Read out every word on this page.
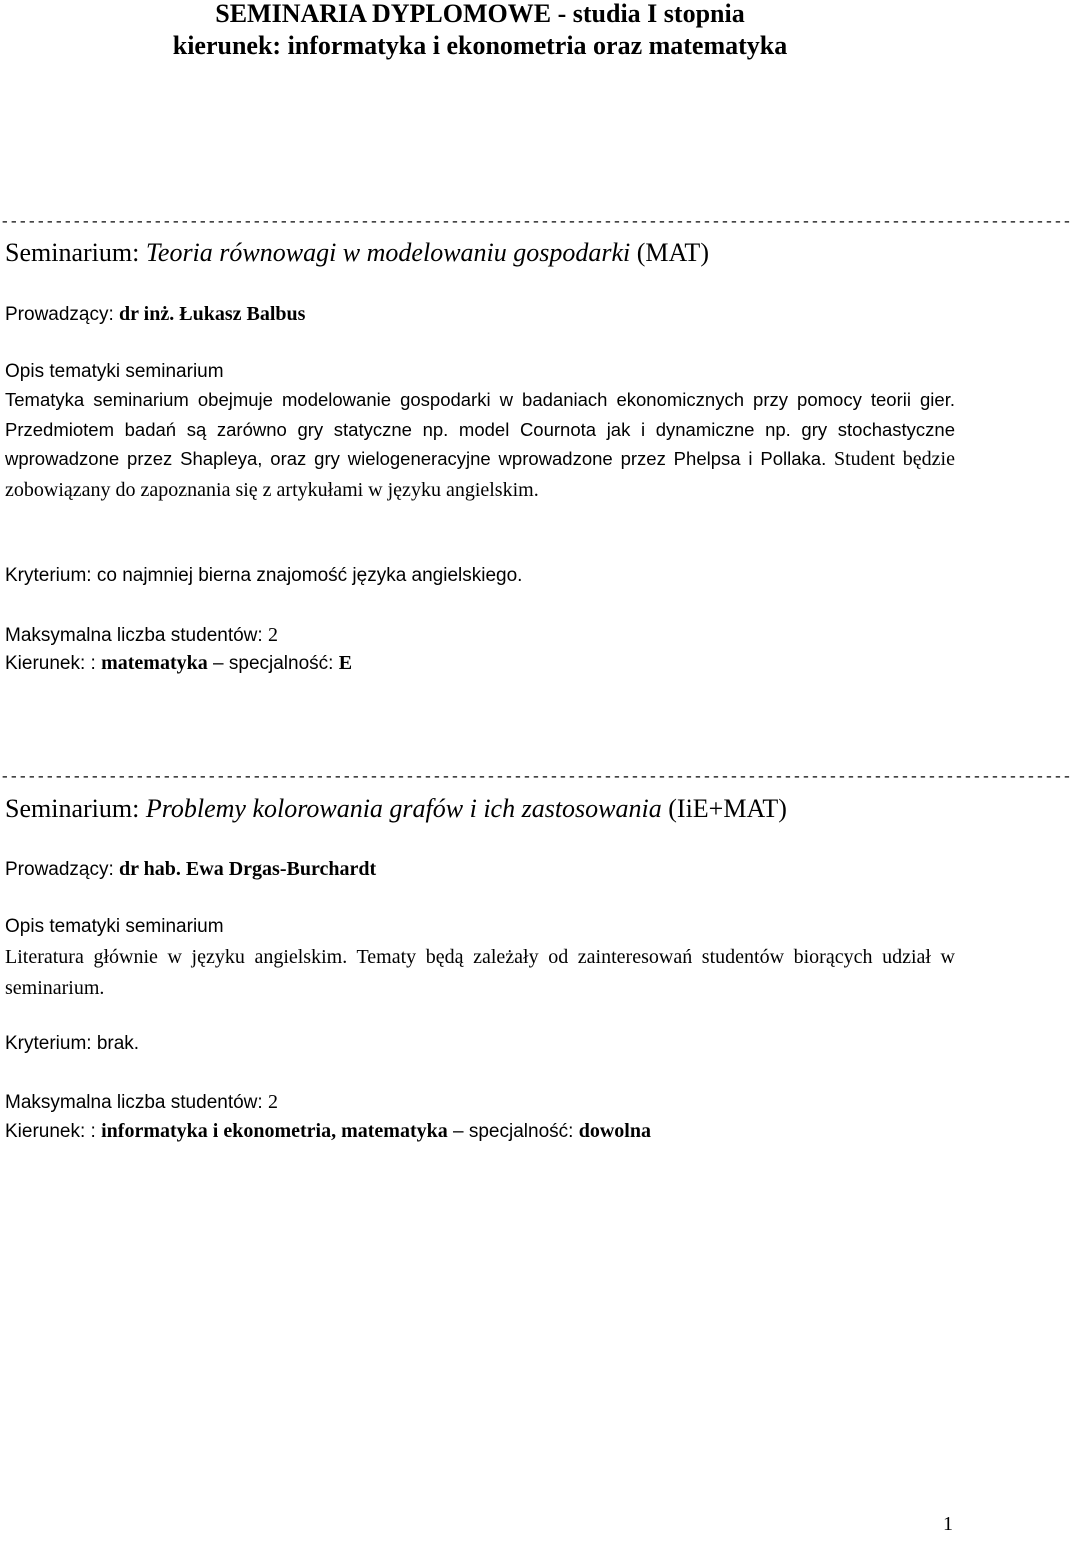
SEMINARIA DYPLOMOWE - studia I stopnia
kierunek: informatyka i ekonometria oraz matematyka
-----------------------------------------------------------------------------------------------------------------------
Seminarium: Teoria równowagi w modelowaniu gospodarki (MAT)
Prowadzący: dr inż. Łukasz Balbus
Opis tematyki seminarium
Tematyka seminarium obejmuje modelowanie gospodarki w badaniach ekonomicznych przy pomocy teorii gier. Przedmiotem badań są zarówno gry statyczne np. model Cournota jak i dynamiczne np. gry stochastyczne wprowadzone przez Shapleya, oraz gry wielogeneracyjne wprowadzone przez Phelpsa i Pollaka. Student będzie zobowiązany do zapoznania się z artykułami w języku angielskim.
Kryterium: co najmniej bierna znajomość języka angielskiego.
Maksymalna liczba studentów: 2
Kierunek: : matematyka – specjalność: E
-----------------------------------------------------------------------------------------------------------------------
Seminarium: Problemy kolorowania grafów i ich zastosowania (IiE+MAT)
Prowadzący: dr hab. Ewa Drgas-Burchardt
Opis tematyki seminarium
Literatura głównie w języku angielskim. Tematy będą zależały od zainteresowań studentów biorących udział w seminarium.
Kryterium: brak.
Maksymalna liczba studentów: 2
Kierunek: : informatyka i ekonometria, matematyka – specjalność: dowolna
1
